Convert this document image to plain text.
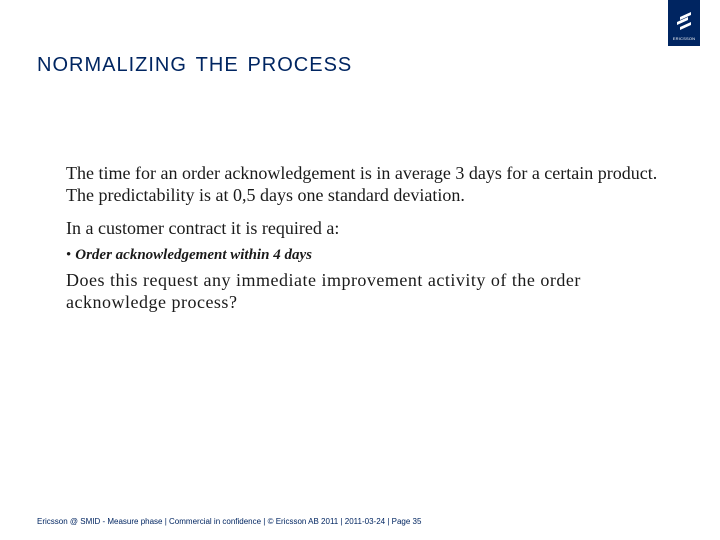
normalizing the process
ERICSSON

The time for an order acknowledgement is in average 3 days for a certain product. The predictability is at 0,5 days one standard deviation.

In a customer contract it is required a:

• Order acknowledgement within 4 days

Does this request any immediate improvement activity of the order acknowledge process?

Ericsson @ SMID - Measure phase | Commercial in confidence | © Ericsson AB 2011 | 2011-03-24 | Page 35
